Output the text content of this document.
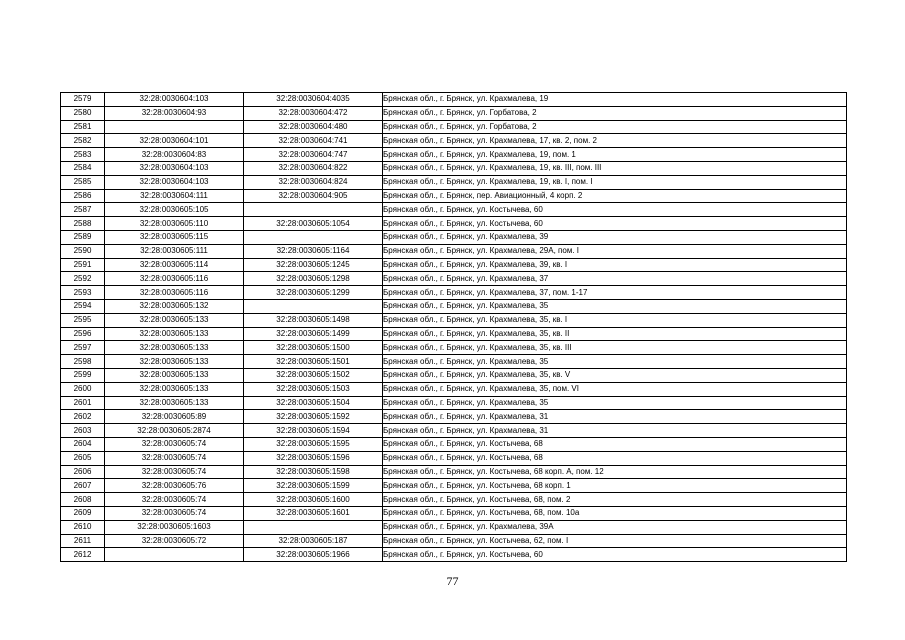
2579	32:28:0030604:103	32:28:0030604:4035	Брянская обл., г. Брянск, ул. Крахмалева, 19
2580	32:28:0030604:93	32:28:0030604:472	Брянская обл., г. Брянск, ул. Горбатова, 2
2581		32:28:0030604:480	Брянская обл., г. Брянск, ул. Горбатова, 2
2582	32:28:0030604:101	32:28:0030604:741	Брянская обл., г. Брянск, ул. Крахмалева, 17, кв. 2, пом. 2
2583	32:28:0030604:83	32:28:0030604:747	Брянская обл., г. Брянск, ул. Крахмалева, 19, пом. 1
2584	32:28:0030604:103	32:28:0030604:822	Брянская обл., г. Брянск, ул. Крахмалева, 19, кв. III, пом. III
2585	32:28:0030604:103	32:28:0030604:824	Брянская обл., г. Брянск, ул. Крахмалева, 19, кв. I, пом. I
2586	32:28:0030604:111	32:28:0030604:905	Брянская обл., г. Брянск, пер. Авиационный, 4 корп. 2
2587	32:28:0030605:105		Брянская обл., г. Брянск, ул. Костычева, 60
2588	32:28:0030605:110	32:28:0030605:1054	Брянская обл., г. Брянск, ул. Костычева, 60
2589	32:28:0030605:115		Брянская обл., г. Брянск, ул. Крахмалева, 39
2590	32:28:0030605:111	32:28:0030605:1164	Брянская обл., г. Брянск, ул. Крахмалева, 29А, пом. I
2591	32:28:0030605:114	32:28:0030605:1245	Брянская обл., г. Брянск, ул. Крахмалева, 39, кв. I
2592	32:28:0030605:116	32:28:0030605:1298	Брянская обл., г. Брянск, ул. Крахмалева, 37
2593	32:28:0030605:116	32:28:0030605:1299	Брянская обл., г. Брянск, ул. Крахмалева, 37, пом. 1-17
2594	32:28:0030605:132		Брянская обл., г. Брянск, ул. Крахмалева, 35
2595	32:28:0030605:133	32:28:0030605:1498	Брянская обл., г. Брянск, ул. Крахмалева, 35, кв. I
2596	32:28:0030605:133	32:28:0030605:1499	Брянская обл., г. Брянск, ул. Крахмалева, 35, кв. II
2597	32:28:0030605:133	32:28:0030605:1500	Брянская обл., г. Брянск, ул. Крахмалева, 35, кв. III
2598	32:28:0030605:133	32:28:0030605:1501	Брянская обл., г. Брянск, ул. Крахмалева, 35
2599	32:28:0030605:133	32:28:0030605:1502	Брянская обл., г. Брянск, ул. Крахмалева, 35, кв. V
2600	32:28:0030605:133	32:28:0030605:1503	Брянская обл., г. Брянск, ул. Крахмалева, 35, пом. VI
2601	32:28:0030605:133	32:28:0030605:1504	Брянская обл., г. Брянск, ул. Крахмалева, 35
2602	32:28:0030605:89	32:28:0030605:1592	Брянская обл., г. Брянск, ул. Крахмалева, 31
2603	32:28:0030605:2874	32:28:0030605:1594	Брянская обл., г. Брянск, ул. Крахмалева, 31
2604	32:28:0030605:74	32:28:0030605:1595	Брянская обл., г. Брянск, ул. Костычева, 68
2605	32:28:0030605:74	32:28:0030605:1596	Брянская обл., г. Брянск, ул. Костычева, 68
2606	32:28:0030605:74	32:28:0030605:1598	Брянская обл., г. Брянск, ул. Костычева, 68 корп. А, пом. 12
2607	32:28:0030605:76	32:28:0030605:1599	Брянская обл., г. Брянск, ул. Костычева, 68 корп. 1
2608	32:28:0030605:74	32:28:0030605:1600	Брянская обл., г. Брянск, ул. Костычева, 68, пом. 2
2609	32:28:0030605:74	32:28:0030605:1601	Брянская обл., г. Брянск, ул. Костычева, 68, пом. 10а
2610	32:28:0030605:1603		Брянская обл., г. Брянск, ул. Крахмалева, 39А
2611	32:28:0030605:72	32:28:0030605:187	Брянская обл., г. Брянск, ул. Костычева, 62, пом. I
2612		32:28:0030605:1966	Брянская обл., г. Брянск, ул. Костычева, 60
77
